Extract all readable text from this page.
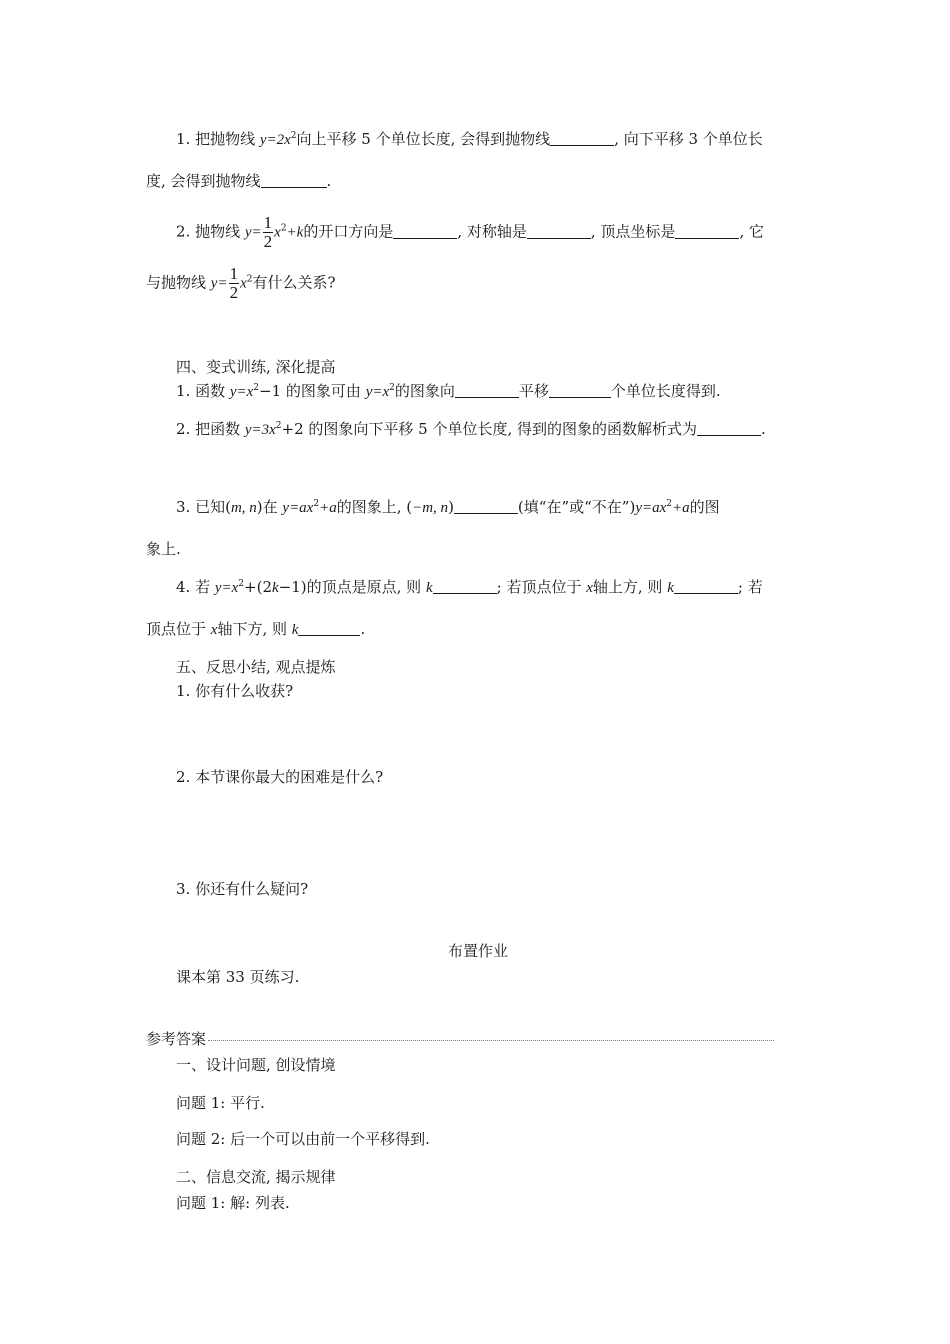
1. 把抛物线 $y=2x^2$向上平移 5 个单位长度, 会得到抛物线	, 向下平移 3 个单位长
度, 会得到抛物线	.
2. 抛物线 $y= \frac{1}{2} x^2+k$的开口方向是	, 对称轴是	, 顶点坐标是	, 它
与抛物线 $y= \frac{1}{2} x^2$有什么关系?
四、变式训练, 深化提高
1. 函数 $y=x^2-1$ 的图象可由 $y=x^2$的图象向	平移	个单位长度得到.
2. 把函数 $y=3x^2+2$ 的图象向下平移 5 个单位长度, 得到的图象的函数解析式为	.
3. 已知(m, n)在 $y=ax^2+a$的图象上, (−m, n)	(填“在”或“不在$”)y=ax^2+a$的图
象上.
4. 若 $y=x^2+(2k-1)$的顶点是原点, 则 k	; 若顶点位于 x轴上方, 则 k	; 若
顶点位于 x轴下方, 则 k	.
五、反思小结, 观点提炼
1. 你有什么收获?
2. 本节课你最大的困难是什么?
3. 你还有什么疑问?
布置作业
课本第 33 页练习.
参考答案
一、设计问题, 创设情境
问题 1: 平行.
问题 2: 后一个可以由前一个平移得到.
二、信息交流, 揭示规律
问题 1: 解: 列表.
